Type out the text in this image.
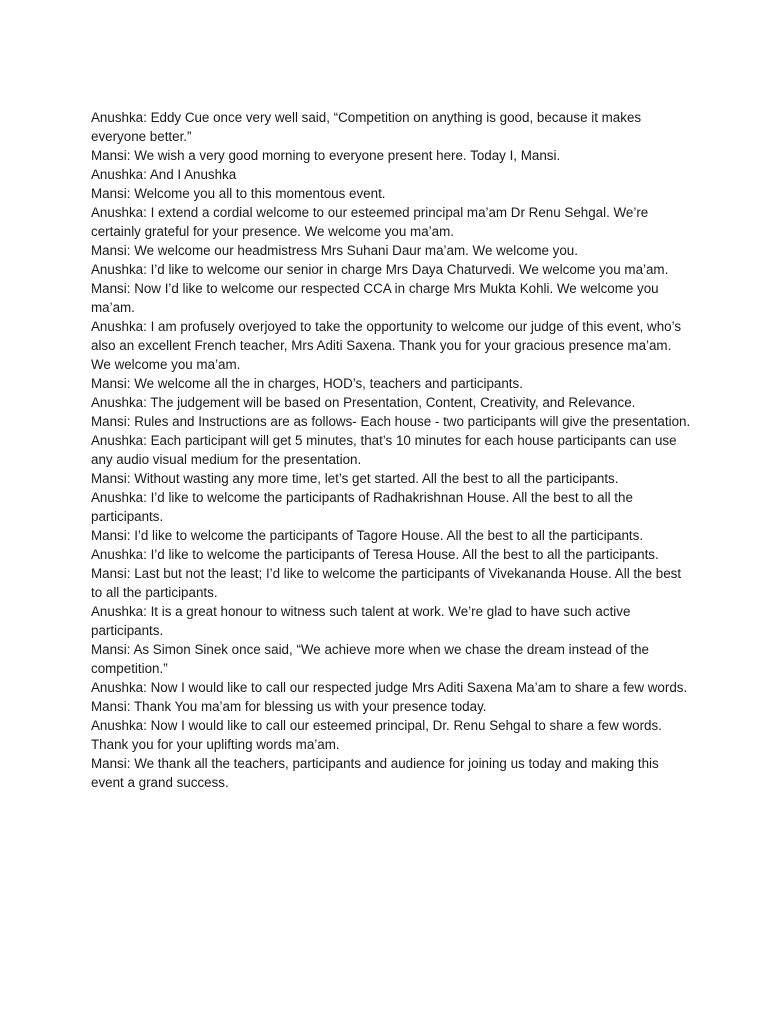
Anushka: Eddy Cue once very well said, “Competition on anything is good, because it makes everyone better.”

Mansi: We wish a very good morning to everyone present here. Today I, Mansi.

Anushka: And I Anushka

Mansi: Welcome you all to this momentous event.

Anushka: I extend a cordial welcome to our esteemed principal ma’am Dr Renu Sehgal. We’re certainly grateful for your presence. We welcome you ma’am.

Mansi: We welcome our headmistress Mrs Suhani Daur ma’am. We welcome you.

Anushka: I’d like to welcome our senior in charge Mrs Daya Chaturvedi. We welcome you ma’am.

Mansi: Now I’d like to welcome our respected CCA in charge Mrs Mukta Kohli. We welcome you ma’am.

Anushka: I am profusely overjoyed to take the opportunity to welcome our judge of this event, who’s also an excellent French teacher, Mrs Aditi Saxena. Thank you for your gracious presence ma’am. We welcome you ma’am.

Mansi: We welcome all the in charges, HOD’s, teachers and participants.

Anushka: The judgement will be based on Presentation, Content, Creativity, and Relevance.

Mansi: Rules and Instructions are as follows- Each house - two participants will give the presentation.

Anushka: Each participant will get 5 minutes, that’s 10 minutes for each house participants can use any audio visual medium for the presentation.

Mansi: Without wasting any more time, let’s get started. All the best to all the participants.

Anushka: I’d like to welcome the participants of Radhakrishnan House. All the best to all the participants.

Mansi: I’d like to welcome the participants of Tagore House. All the best to all the participants.

Anushka: I’d like to welcome the participants of Teresa House. All the best to all the participants.

Mansi: Last but not the least; I’d like to welcome the participants of Vivekananda House. All the best to all the participants.

Anushka: It is a great honour to witness such talent at work. We’re glad to have such active participants.

Mansi: As Simon Sinek once said, “We achieve more when we chase the dream instead of the competition.”

Anushka: Now I would like to call our respected judge Mrs Aditi Saxena Ma’am to share a few words.

Mansi: Thank You ma’am for blessing us with your presence today.

Anushka: Now I would like to call our esteemed principal, Dr. Renu Sehgal to share a few words. Thank you for your uplifting words ma’am.

Mansi: We thank all the teachers, participants and audience for joining us today and making this event a grand success.
